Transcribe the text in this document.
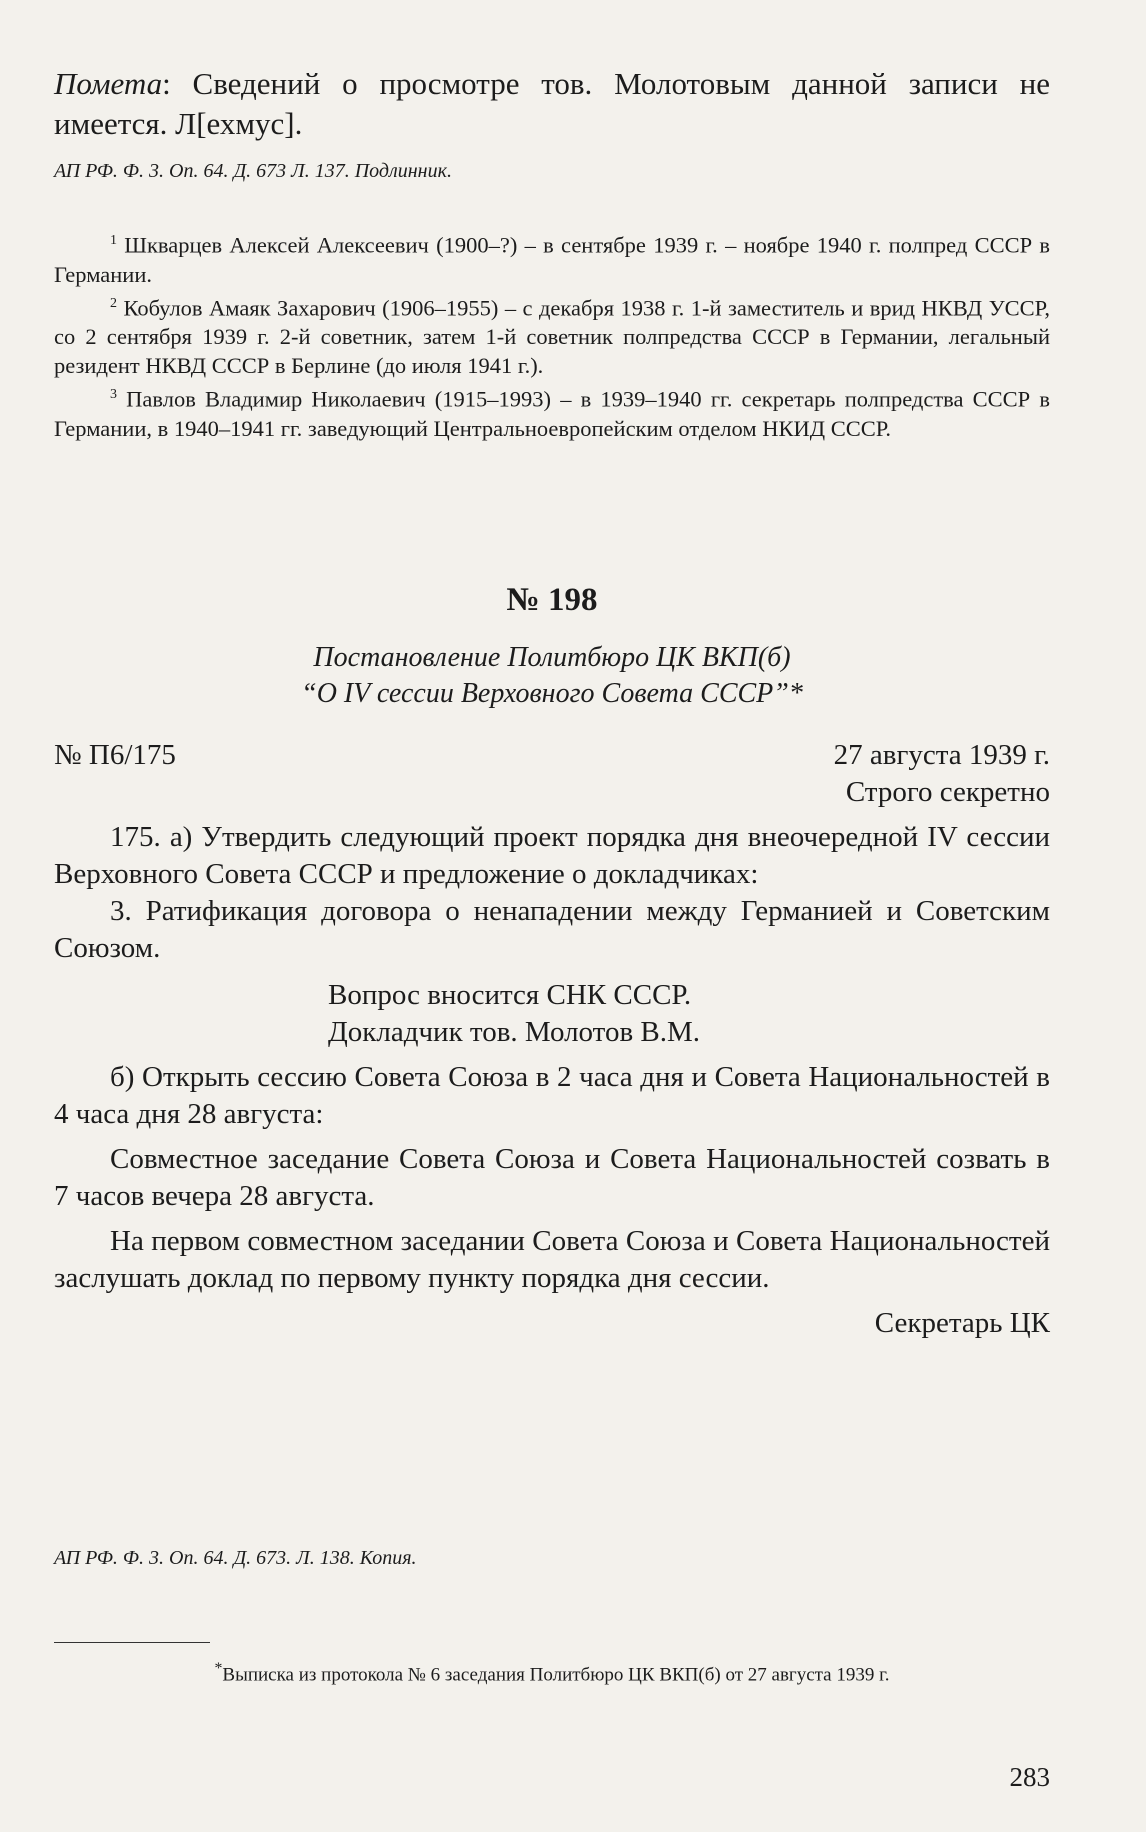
Помета: Сведений о просмотре тов. Молотовым данной записи не имеется. Л[ехмус].

АП РФ. Ф. 3. Оп. 64. Д. 673 Л. 137. Подлинник.

$^1$ Шкварцев Алексей Алексеевич (1900–?) – в сентябре 1939 г. – ноябре 1940 г. полпред СССР в Германии.

$^2$ Кобулов Амаяк Захарович (1906–1955) – с декабря 1938 г. 1-й заместитель и врид НКВД УССР, со 2 сентября 1939 г. 2-й советник, затем 1-й советник полпредства СССР в Германии, легальный резидент НКВД СССР в Берлине (до июля 1941 г.).

$^3$ Павлов Владимир Николаевич (1915–1993) – в 1939–1940 гг. секретарь полпредства СССР в Германии, в 1940–1941 гг. заведующий Центральноевропейским отделом НКИД СССР.

№ 198
Постановление Политбюро ЦК ВКП(б)
“О IV сессии Верховного Совета СССР”*
№ П6/175	27 августа 1939 г.
Строго секретно

175. а) Утвердить следующий проект порядка дня внеочередной IV сессии Верховного Совета СССР и предложение о докладчиках:

3. Ратификация договора о ненападении между Германией и Советским Союзом.

Вопрос вносится СНК СССР.
Докладчик тов. Молотов В.М.

б) Открыть сессию Совета Союза в 2 часа дня и Совета Национальностей в 4 часа дня 28 августа:

Совместное заседание Совета Союза и Совета Национальностей созвать в 7 часов вечера 28 августа.

На первом совместном заседании Совета Союза и Совета Национальностей заслушать доклад по первому пункту порядка дня сессии.

Секретарь ЦК
АП РФ. Ф. 3. Оп. 64. Д. 673. Л. 138. Копия.
*Выписка из протокола № 6 заседания Политбюро ЦК ВКП(б) от 27 августа 1939 г.
283
